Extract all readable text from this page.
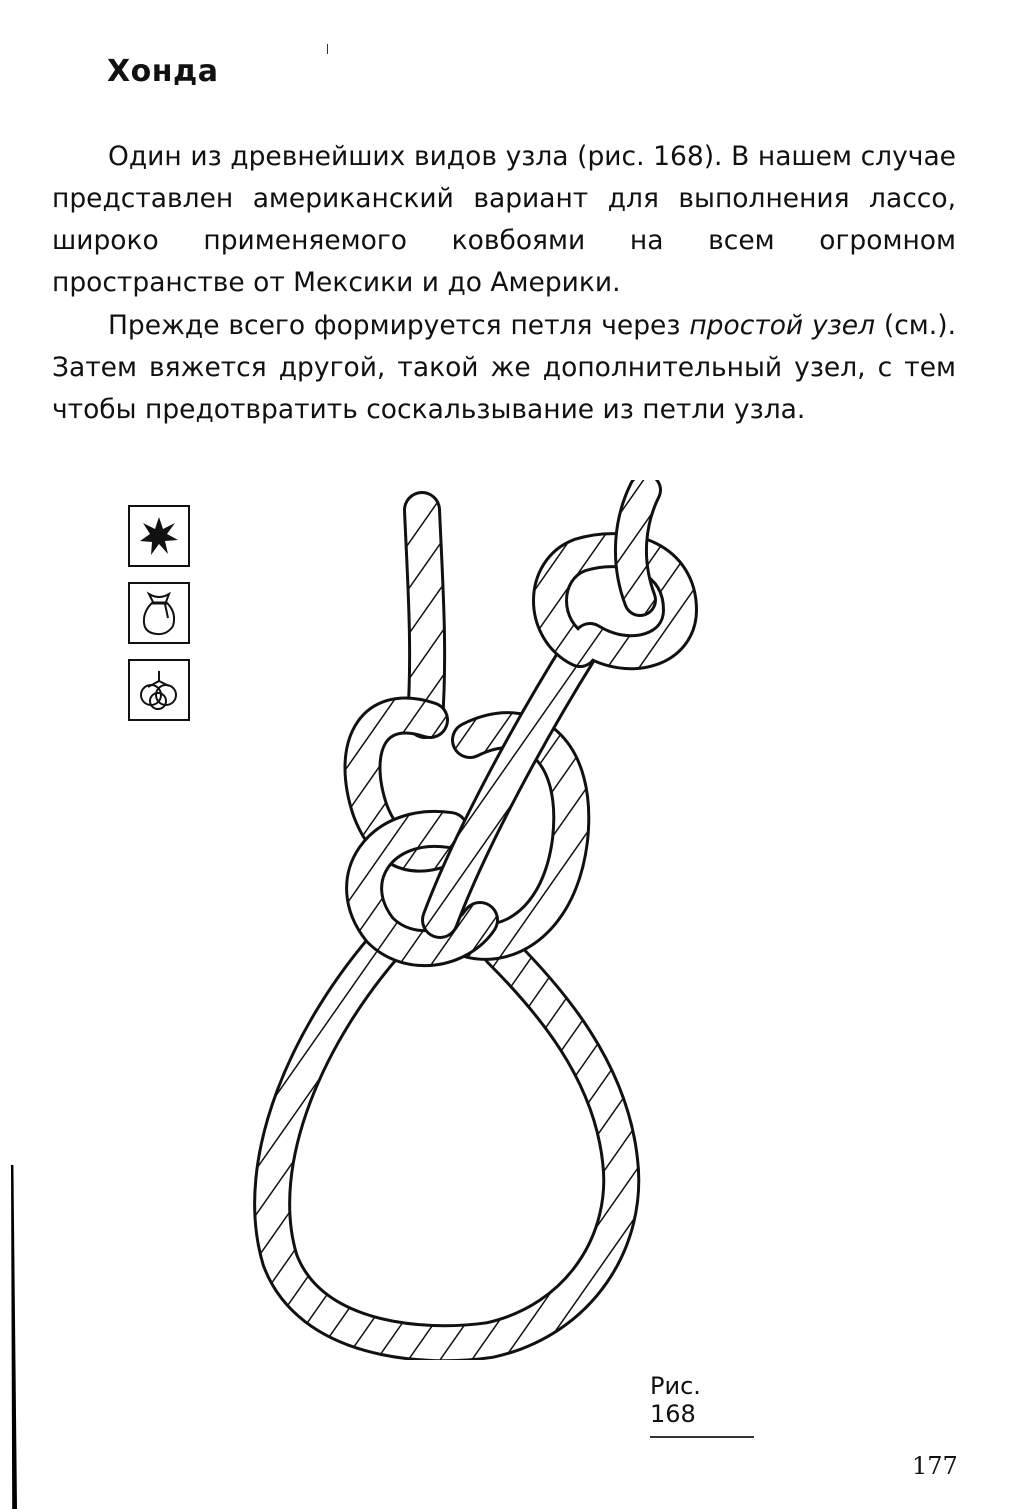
Хонда

Один из древнейших видов узла (рис. 168). В нашем случае представлен американский вариант для выполнения лассо, широко применяемого ковбоями на всем огромном пространстве от Мексики и до Америки.

Прежде всего формируется петля через простой узел (см.). Затем вяжется другой, такой же дополнительный узел, с тем чтобы предотвратить соскальзывание из петли узла.

Рис. 168
177
